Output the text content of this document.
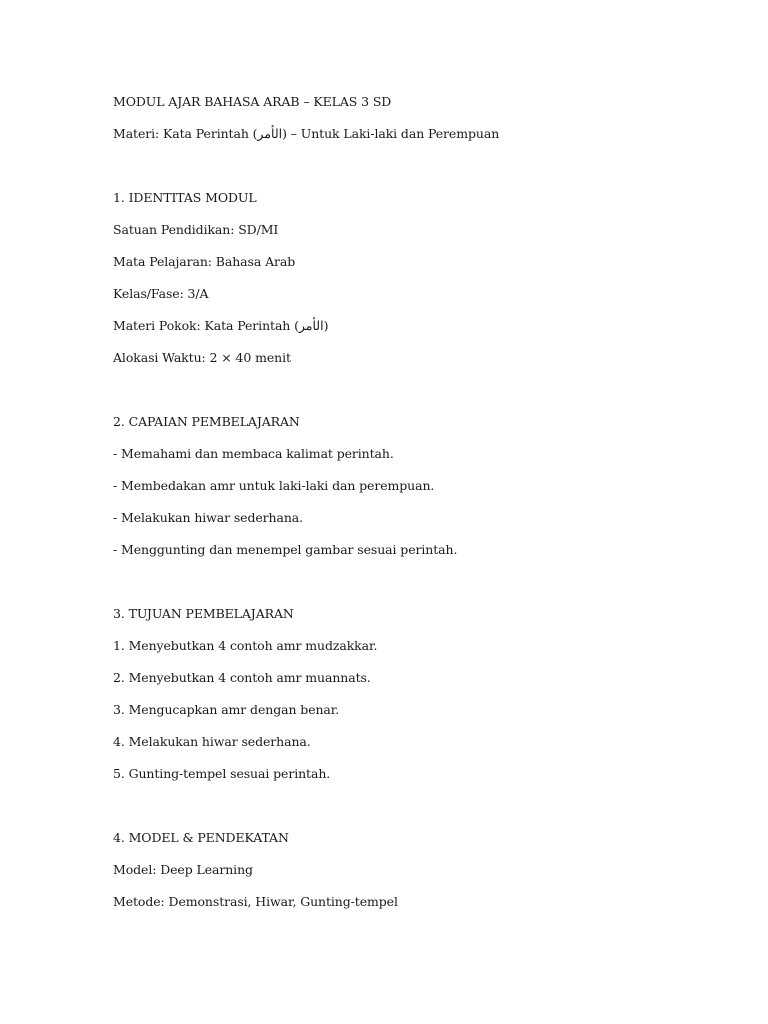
MODUL AJAR BAHASA ARAB – KELAS 3 SD
Materi: Kata Perintah (الأمر) – Untuk Laki-laki dan Perempuan
1. IDENTITAS MODUL
Satuan Pendidikan: SD/MI
Mata Pelajaran: Bahasa Arab
Kelas/Fase: 3/A
Materi Pokok: Kata Perintah (الأمر)
Alokasi Waktu: 2 × 40 menit
2. CAPAIAN PEMBELAJARAN
- Memahami dan membaca kalimat perintah.
- Membedakan amr untuk laki-laki dan perempuan.
- Melakukan hiwar sederhana.
- Menggunting dan menempel gambar sesuai perintah.
3. TUJUAN PEMBELAJARAN
1. Menyebutkan 4 contoh amr mudzakkar.
2. Menyebutkan 4 contoh amr muannats.
3. Mengucapkan amr dengan benar.
4. Melakukan hiwar sederhana.
5. Gunting-tempel sesuai perintah.
4. MODEL & PENDEKATAN
Model: Deep Learning
Metode: Demonstrasi, Hiwar, Gunting-tempel
